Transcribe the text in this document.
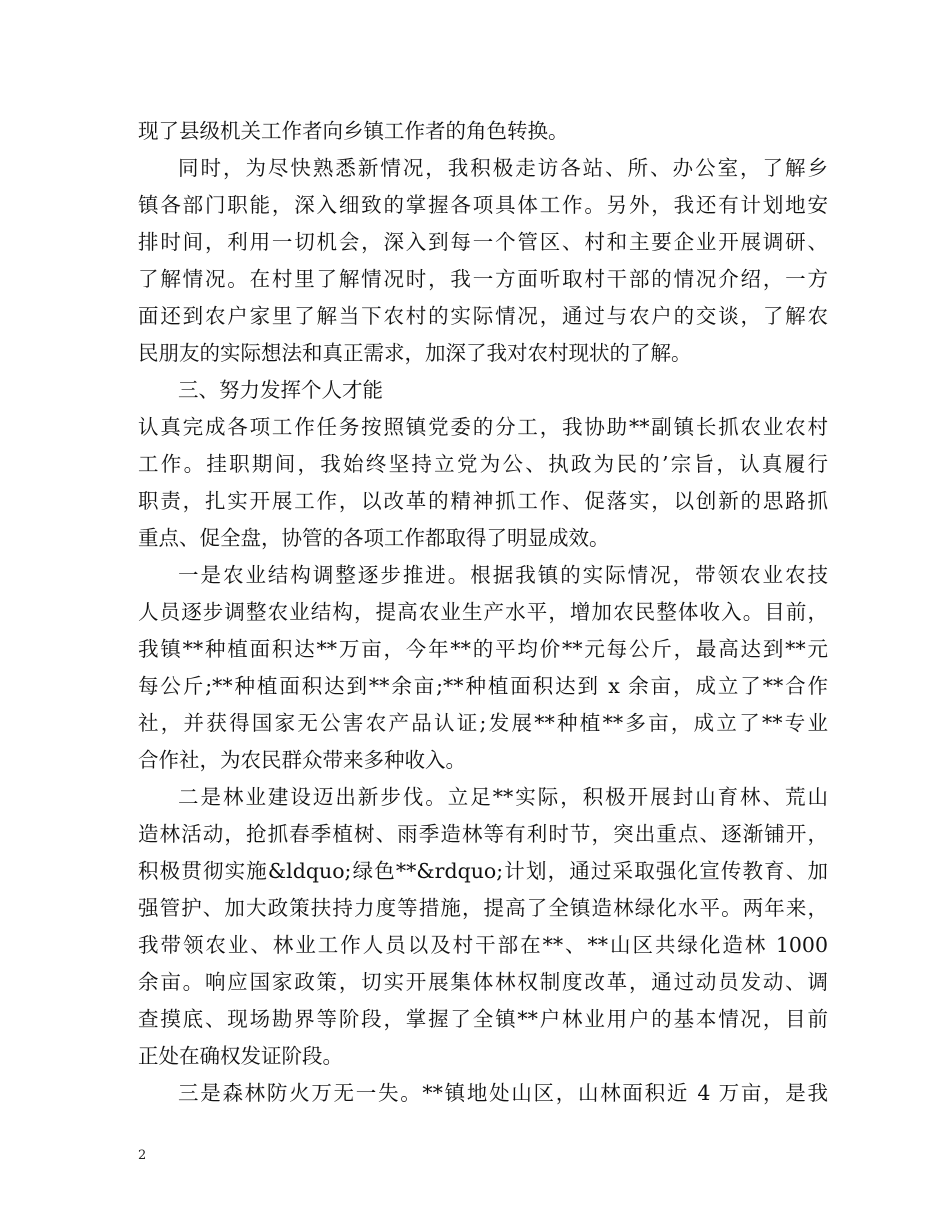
现了县级机关工作者向乡镇工作者的角色转换。
同时，为尽快熟悉新情况，我积极走访各站、所、办公室，了解乡
镇各部门职能，深入细致的掌握各项具体工作。另外，我还有计划地安
排时间，利用一切机会，深入到每一个管区、村和主要企业开展调研、
了解情况。在村里了解情况时，我一方面听取村干部的情况介绍，一方
面还到农户家里了解当下农村的实际情况，通过与农户的交谈，了解农
民朋友的实际想法和真正需求，加深了我对农村现状的了解。
三、努力发挥个人才能
认真完成各项工作任务按照镇党委的分工，我协助**副镇长抓农业农村
工作。挂职期间，我始终坚持立党为公、执政为民的’宗旨，认真履行
职责，扎实开展工作，以改革的精神抓工作、促落实，以创新的思路抓
重点、促全盘，协管的各项工作都取得了明显成效。
一是农业结构调整逐步推进。根据我镇的实际情况，带领农业农技
人员逐步调整农业结构，提高农业生产水平，增加农民整体收入。目前，
我镇**种植面积达**万亩，今年**的平均价**元每公斤，最高达到**元
每公斤;**种植面积达到**余亩;**种植面积达到 x 余亩，成立了**合作
社，并获得国家无公害农产品认证;发展**种植**多亩，成立了**专业
合作社，为农民群众带来多种收入。
二是林业建设迈出新步伐。立足**实际，积极开展封山育林、荒山
造林活动，抢抓春季植树、雨季造林等有利时节，突出重点、逐渐铺开，
积极贯彻实施&ldquo;绿色**&rdquo;计划，通过采取强化宣传教育、加
强管护、加大政策扶持力度等措施，提高了全镇造林绿化水平。两年来，
我带领农业、林业工作人员以及村干部在**、**山区共绿化造林 1000
余亩。响应国家政策，切实开展集体林权制度改革，通过动员发动、调
查摸底、现场勘界等阶段，掌握了全镇**户林业用户的基本情况，目前
正处在确权发证阶段。
三是森林防火万无一失。**镇地处山区，山林面积近 4 万亩，是我
2
